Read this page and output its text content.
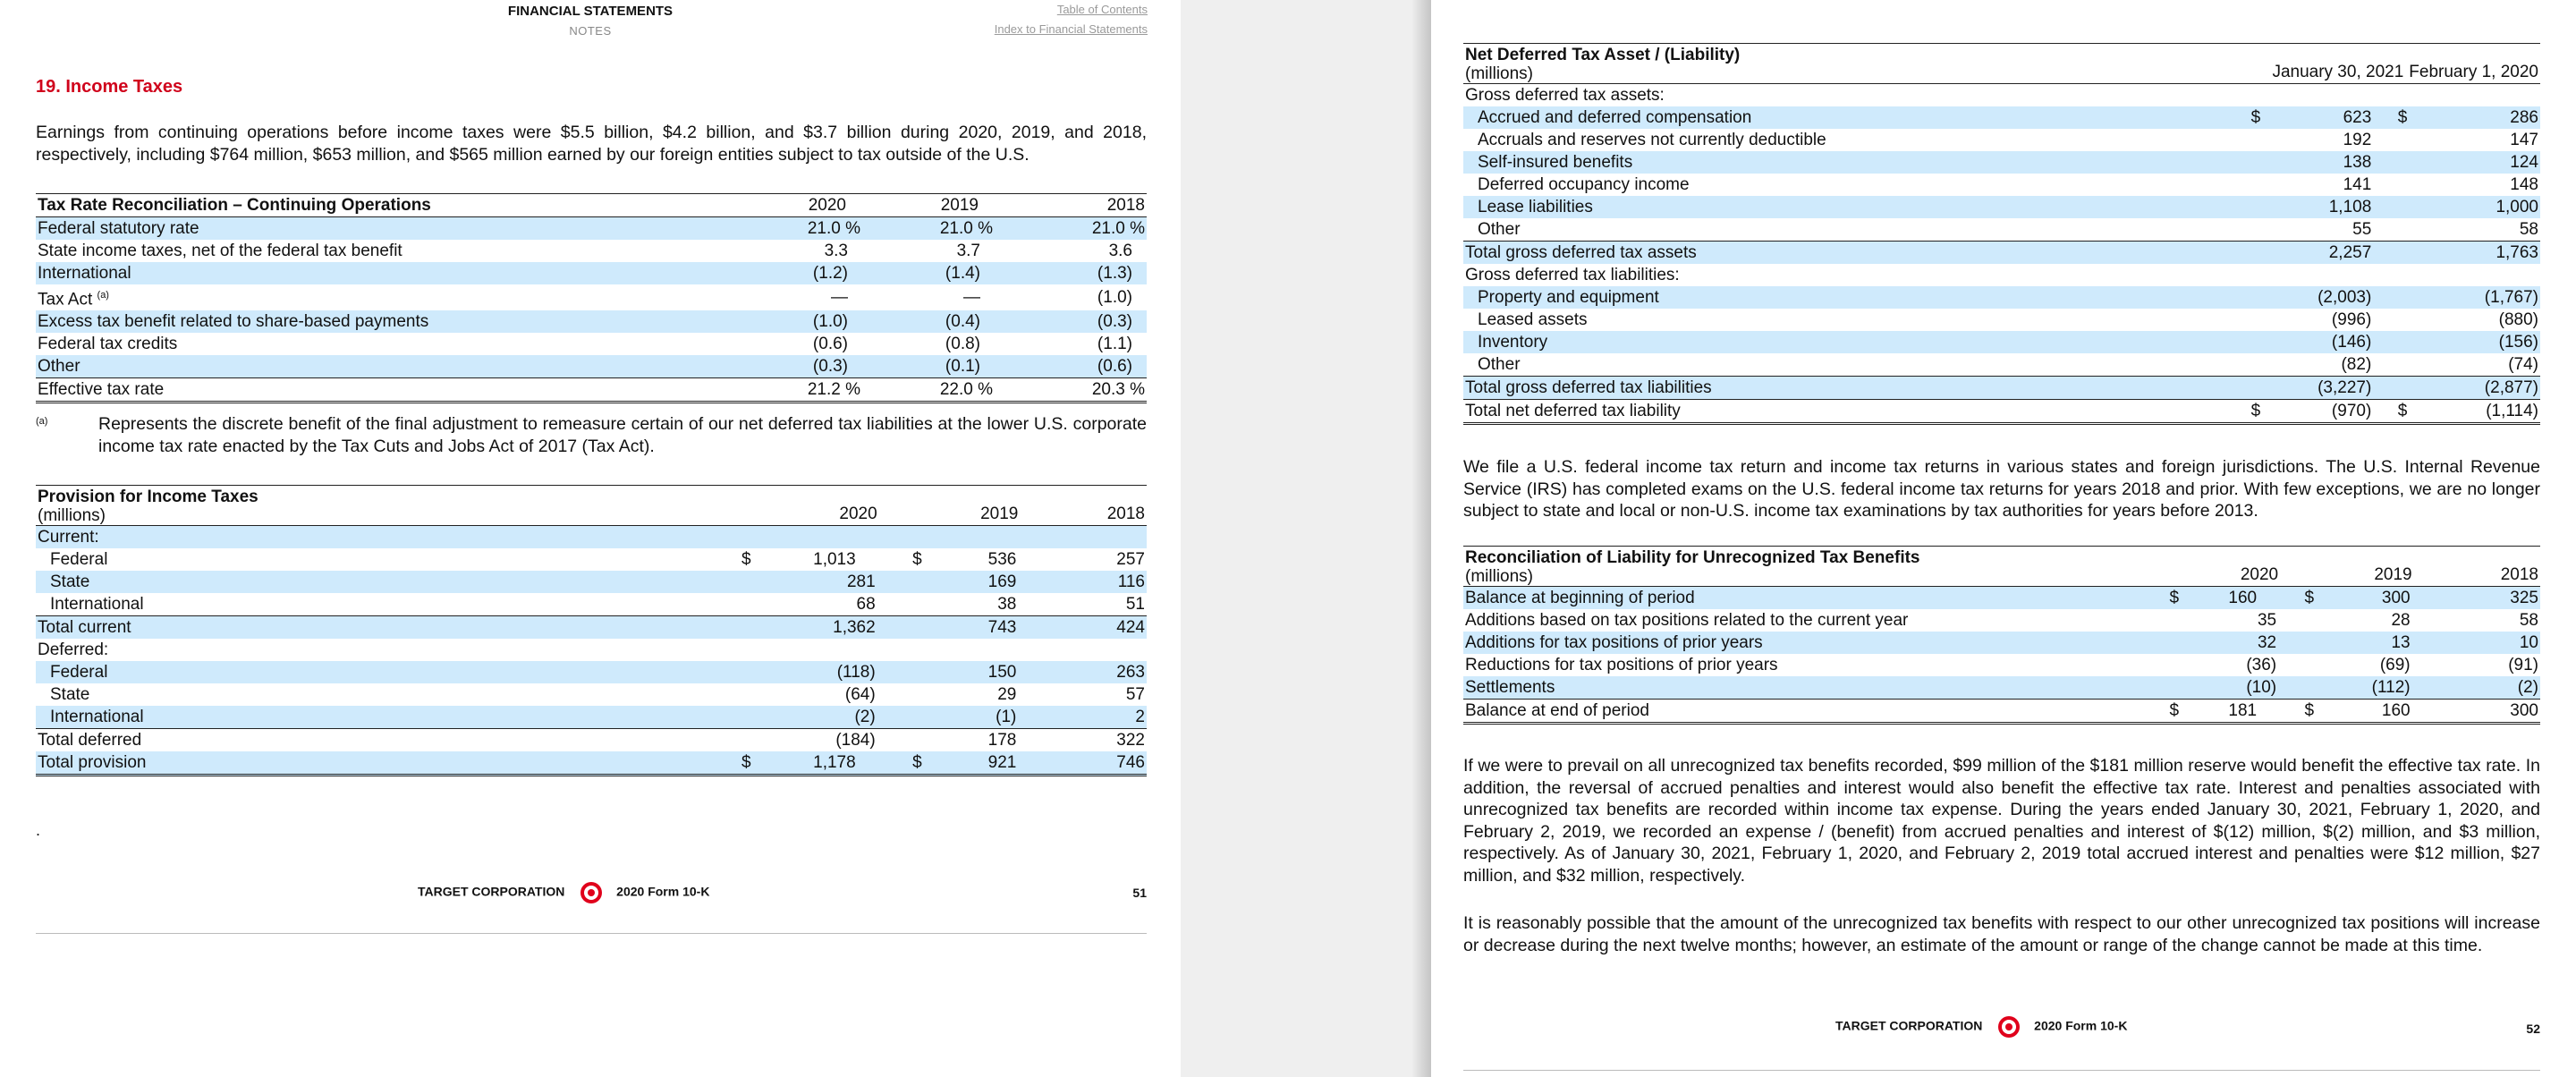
FINANCIAL STATEMENTS
NOTES
Table of Contents
Index to Financial Statements
19. Income Taxes
Earnings from continuing operations before income taxes were $5.5 billion, $4.2 billion, and $3.7 billion during 2020, 2019, and 2018, respectively, including $764 million, $653 million, and $565 million earned by our foreign entities subject to tax outside of the U.S.
Tax Rate Reconciliation – Continuing Operations	2020	2019	2018
Federal statutory rate	21.0 %	21.0 %	21.0 %
State income taxes, net of the federal tax benefit	3.3	3.7	3.6
International	(1.2)	(1.4)	(1.3)
Tax Act $^{(a)}$	—	—	(1.0)
Excess tax benefit related to share-based payments	(1.0)	(0.4)	(0.3)
Federal tax credits	(0.6)	(0.8)	(1.1)
Other	(0.3)	(0.1)	(0.6)
Effective tax rate	21.2 %	22.0 %	20.3 %
(a)	Represents the discrete benefit of the final adjustment to remeasure certain of our net deferred tax liabilities at the lower U.S. corporate income tax rate enacted by the Tax Cuts and Jobs Act of 2017 (Tax Act).
Provision for Income Taxes
(millions)		2020		2019	2018
Current:					
Federal	$	1,013 $		536	257
State		281		169	116
International		68		38	51
Total current		1,362		743	424
Deferred:					
Federal		(118)		150	263
State		(64)		29	57
International		(2)		(1)	2
Total deferred		(184)		178	322
Total provision	$	1,178 $		921	746
.
TARGET CORPORATION	2020 Form 10-K	51
Net Deferred Tax Asset / (Liability)
(millions)		January 30, 2021	February 1, 2020
Gross deferred tax assets:			
Accrued and deferred compensation	$	623 $	286
Accruals and reserves not currently deductible		192	147
Self-insured benefits		138	124
Deferred occupancy income		141	148
Lease liabilities		1,108	1,000
Other		55	58
Total gross deferred tax assets		2,257	1,763
Gross deferred tax liabilities:			
Property and equipment		(2,003)	(1,767)
Leased assets		(996)	(880)
Inventory		(146)	(156)
Other		(82)	(74)
Total gross deferred tax liabilities		(3,227)	(2,877)
Total net deferred tax liability	$	(970) $	(1,114)
We file a U.S. federal income tax return and income tax returns in various states and foreign jurisdictions. The U.S. Internal Revenue Service (IRS) has completed exams on the U.S. federal income tax returns for years 2018 and prior. With few exceptions, we are no longer subject to state and local or non-U.S. income tax examinations by tax authorities for years before 2013.
Reconciliation of Liability for Unrecognized Tax Benefits
(millions)		2020		2019	2018
Balance at beginning of period	$	160 $		300	325
Additions based on tax positions related to the current year		35		28	58
Additions for tax positions of prior years		32		13	10
Reductions for tax positions of prior years		(36)		(69)	(91)
Settlements		(10)		(112)	(2)
Balance at end of period	$	181 $		160	300
If we were to prevail on all unrecognized tax benefits recorded, $99 million of the $181 million reserve would benefit the effective tax rate. In addition, the reversal of accrued penalties and interest would also benefit the effective tax rate. Interest and penalties associated with unrecognized tax benefits are recorded within income tax expense. During the years ended January 30, 2021, February 1, 2020, and February 2, 2019, we recorded an expense / (benefit) from accrued penalties and interest of $(12) million, $(2) million, and $3 million, respectively. As of January 30, 2021, February 1, 2020, and February 2, 2019 total accrued interest and penalties were $12 million, $27 million, and $32 million, respectively.
It is reasonably possible that the amount of the unrecognized tax benefits with respect to our other unrecognized tax positions will increase or decrease during the next twelve months; however, an estimate of the amount or range of the change cannot be made at this time.
TARGET CORPORATION	2020 Form 10-K	52
